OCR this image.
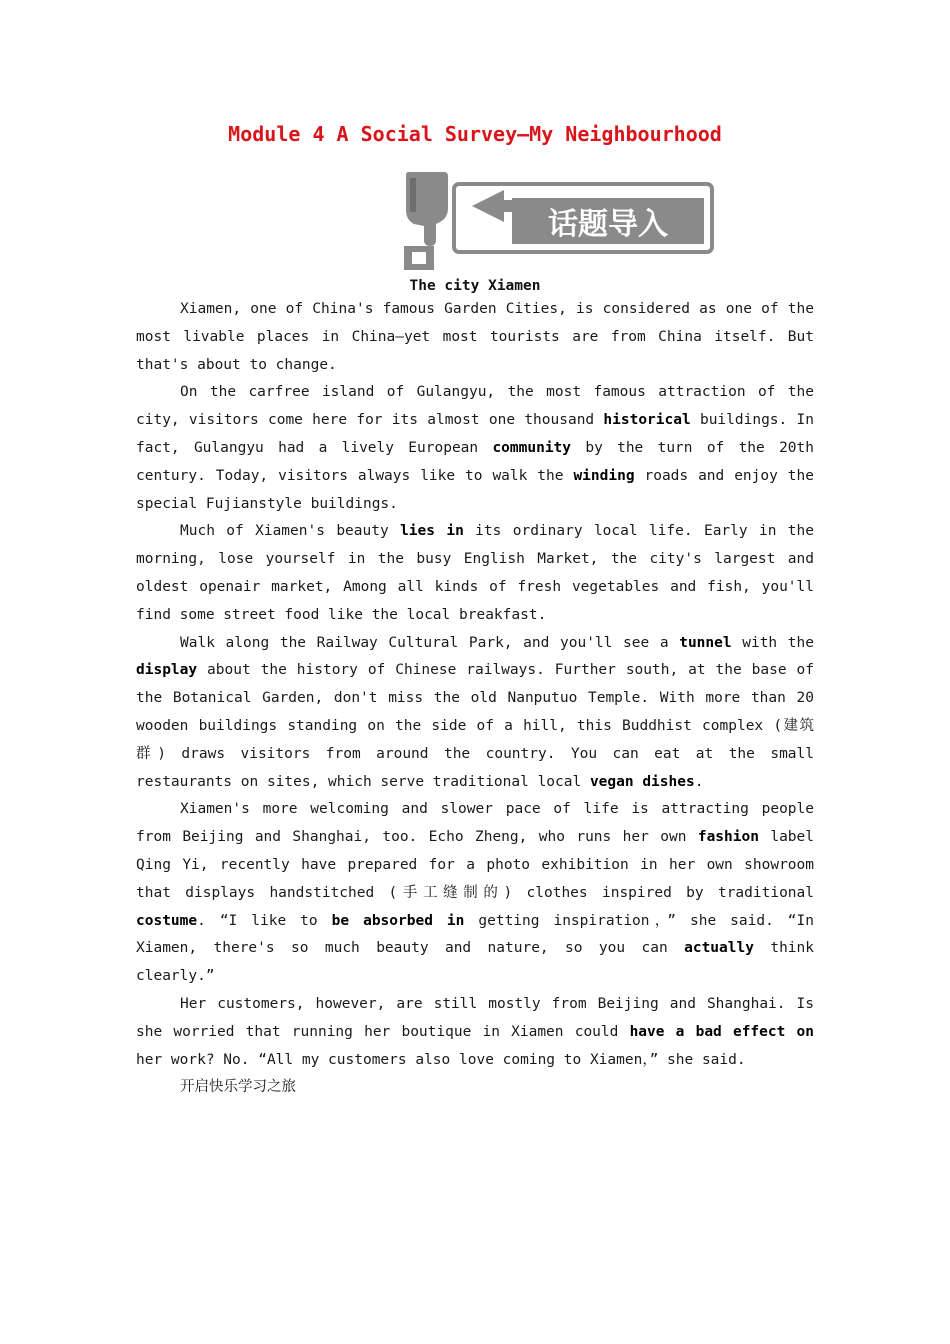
Module 4 A Social Survey—My Neighbourhood
话题导入
The city Xiamen

Xiamen, one of China's famous Garden Cities, is considered as one of the most livable places in China—yet most tourists are from China itself. But that's about to change.

On the carfree island of Gulangyu, the most famous attraction of the city, visitors come here for its almost one thousand historical buildings. In fact, Gulangyu had a lively European community by the turn of the 20th century. Today, visitors always like to walk the winding roads and enjoy the special Fujianstyle buildings.

Much of Xiamen's beauty lies in its ordinary local life. Early in the morning, lose yourself in the busy English Market, the city's largest and oldest openair market, Among all kinds of fresh vegetables and fish, you'll find some street food like the local breakfast.

Walk along the Railway Cultural Park, and you'll see a tunnel with the display about the history of Chinese railways. Further south, at the base of the Botanical Garden, don't miss the old Nanputuo Temple. With more than 20 wooden buildings standing on the side of a hill, this Buddhist complex (建筑群) draws visitors from around the country. You can eat at the small restaurants on sites, which serve traditional local vegan dishes.

Xiamen's more welcoming and slower pace of life is attracting people from Beijing and Shanghai, too. Echo Zheng, who runs her own fashion label Qing Yi, recently have prepared for a photo exhibition in her own showroom that displays handstitched (手工缝制的) clothes inspired by traditional costume. “I like to be absorbed in getting inspiration，” she said. “In Xiamen, there's so much beauty and nature, so you can actually think clearly.”

Her customers, however, are still mostly from Beijing and Shanghai. Is she worried that running her boutique in Xiamen could have a bad effect on her work? No. “All my customers also love coming to Xiamen，” she said.

开启快乐学习之旅
